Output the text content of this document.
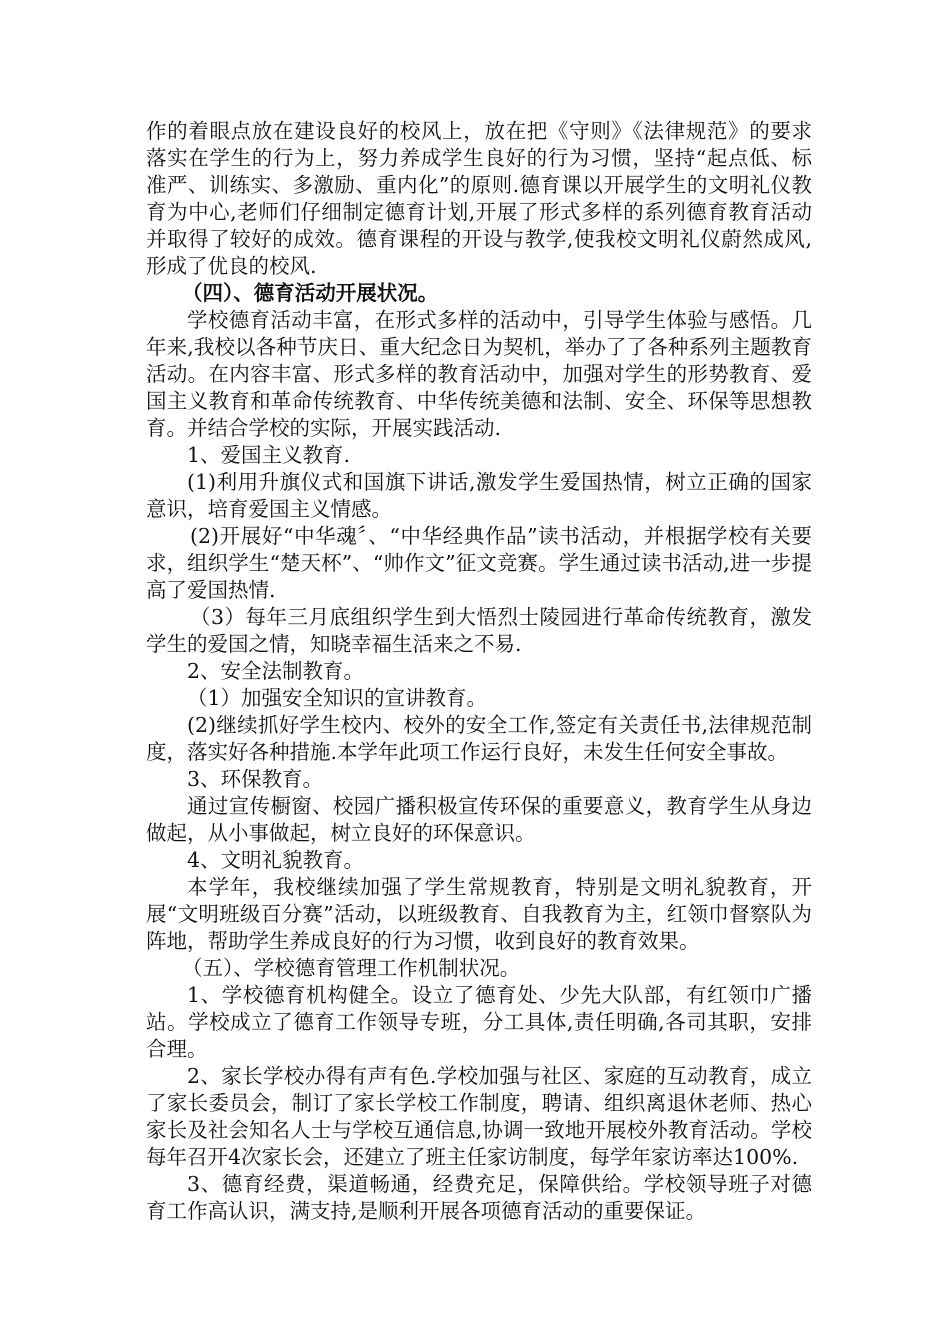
作的着眼点放在建设良好的校风上，放在把《守则》《法律规范》的要求落实在学生的行为上，努力养成学生良好的行为习惯，坚持“起点低、标准严、训练实、多激励、重内化”的原则.德育课以开展学生的文明礼仪教育为中心,老师们仔细制定德育计划,开展了形式多样的系列德育教育活动并取得了较好的成效。德育课程的开设与教学,使我校文明礼仪蔚然成风,形成了优良的校风.

（四）、德育活动开展状况。

学校德育活动丰富，在形式多样的活动中，引导学生体验与感悟。几年来,我校以各种节庆日、重大纪念日为契机，举办了了各种系列主题教育活动。在内容丰富、形式多样的教育活动中，加强对学生的形势教育、爱国主义教育和革命传统教育、中华传统美德和法制、安全、环保等思想教育。并结合学校的实际，开展实践活动.

1、爱国主义教育.

(1)利用升旗仪式和国旗下讲话,激发学生爱国热情，树立正确的国家意识，培育爱国主义情感。

(2)开展好“中华魂〞、“中华经典作品”读书活动，并根据学校有关要求，组织学生“楚天杯”、“帅作文”征文竞赛。学生通过读书活动,进一步提高了爱国热情.

（3）每年三月底组织学生到大悟烈士陵园进行革命传统教育，激发学生的爱国之情，知晓幸福生活来之不易.

2、安全法制教育。

（1）加强安全知识的宣讲教育。

(2)继续抓好学生校内、校外的安全工作,签定有关责任书,法律规范制度，落实好各种措施.本学年此项工作运行良好，未发生任何安全事故。

3、环保教育。

通过宣传橱窗、校园广播积极宣传环保的重要意义，教育学生从身边做起，从小事做起，树立良好的环保意识。

4、文明礼貌教育。

本学年，我校继续加强了学生常规教育，特别是文明礼貌教育，开展“文明班级百分赛”活动，以班级教育、自我教育为主，红领巾督察队为阵地，帮助学生养成良好的行为习惯，收到良好的教育效果。

（五）、学校德育管理工作机制状况。

1、学校德育机构健全。设立了德育处、少先大队部，有红领巾广播站。学校成立了德育工作领导专班，分工具体,责任明确,各司其职，安排合理。

2、家长学校办得有声有色.学校加强与社区、家庭的互动教育，成立了家长委员会，制订了家长学校工作制度，聘请、组织离退休老师、热心家长及社会知名人士与学校互通信息,协调一致地开展校外教育活动。学校每年召开4次家长会，还建立了班主任家访制度，每学年家访率达100%.

3、德育经费，渠道畅通，经费充足，保障供给。学校领导班子对德育工作高认识，满支持,是顺利开展各项德育活动的重要保证。
